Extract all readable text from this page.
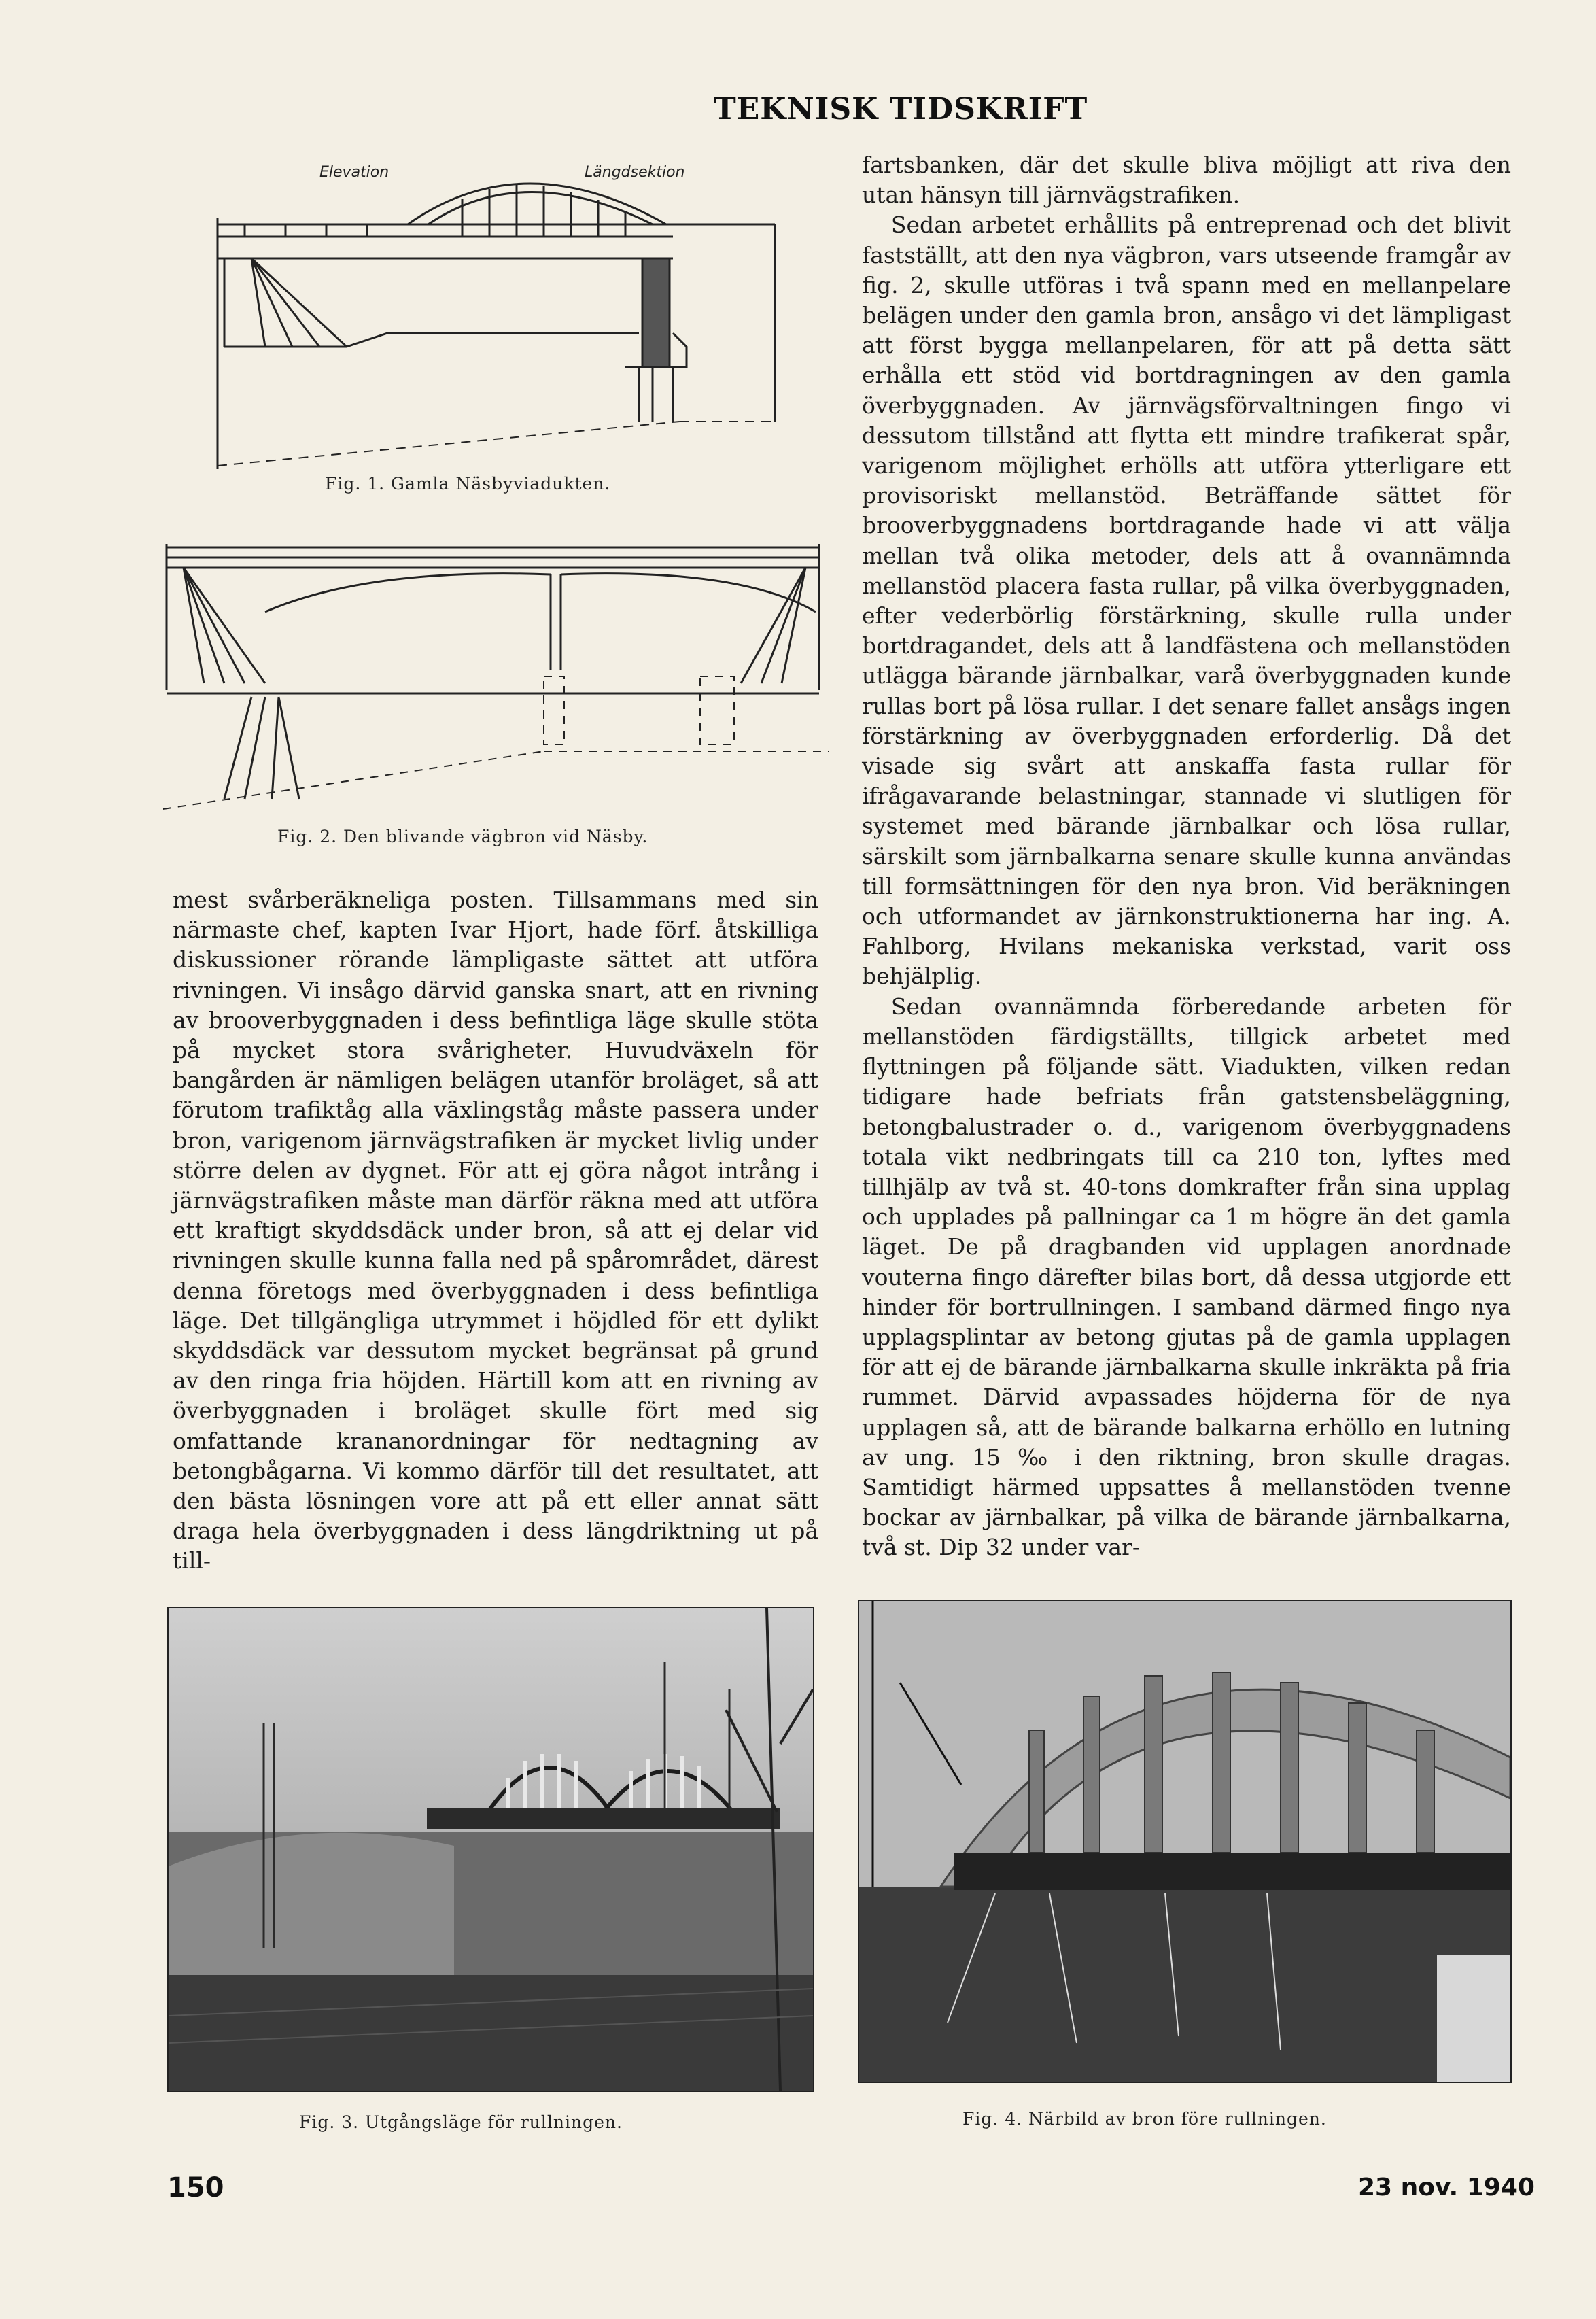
TEKNISK TIDSKRIFT
Elevation	Längdsektion
Fig. 1. Gamla Näsbyviadukten.
Fig. 2. Den blivande vägbron vid Näsby.

mest svårberäkneliga posten. Tillsammans med sin närmaste chef, kapten Ivar Hjort, hade förf. åtskilliga diskussioner rörande lämpligaste sättet att utföra rivningen. Vi insågo därvid ganska snart, att en rivning av brooverbyggnaden i dess befintliga läge skulle stöta på mycket stora svårigheter. Huvudväxeln för bangården är nämligen belägen utanför broläget, så att förutom trafiktåg alla växlingståg måste passera under bron, varigenom järnvägstrafiken är mycket livlig under större delen av dygnet. För att ej göra något intrång i järnvägstrafiken måste man därför räkna med att utföra ett kraftigt skyddsdäck under bron, så att ej delar vid rivningen skulle kunna falla ned på spårområdet, därest denna företogs med överbyggnaden i dess befintliga läge. Det tillgängliga utrymmet i höjdled för ett dylikt skyddsdäck var dessutom mycket begränsat på grund av den ringa fria höjden. Härtill kom att en rivning av överbyggnaden i broläget skulle fört med sig omfattande krananordningar för nedtagning av betongbågarna. Vi kommo därför till det resultatet, att den bästa lösningen vore att på ett eller annat sätt draga hela överbyggnaden i dess längdriktning ut på till-

fartsbanken, där det skulle bliva möjligt att riva den utan hänsyn till järnvägstrafiken.

Sedan arbetet erhållits på entreprenad och det blivit fastställt, att den nya vägbron, vars utseende framgår av fig. 2, skulle utföras i två spann med en mellanpelare belägen under den gamla bron, ansågo vi det lämpligast att först bygga mellanpelaren, för att på detta sätt erhålla ett stöd vid bortdragningen av den gamla överbyggnaden. Av järnvägsförvaltningen fingo vi dessutom tillstånd att flytta ett mindre trafikerat spår, varigenom möjlighet erhölls att utföra ytterligare ett provisoriskt mellanstöd. Beträffande sättet för brooverbyggnadens bortdragande hade vi att välja mellan två olika metoder, dels att å ovannämnda mellanstöd placera fasta rullar, på vilka överbyggnaden, efter vederbörlig förstärkning, skulle rulla under bortdragandet, dels att å landfästena och mellanstöden utlägga bärande järnbalkar, varå överbyggnaden kunde rullas bort på lösa rullar. I det senare fallet ansågs ingen förstärkning av överbyggnaden erforderlig. Då det visade sig svårt att anskaffa fasta rullar för ifrågavarande belastningar, stannade vi slutligen för systemet med bärande järnbalkar och lösa rullar, särskilt som järnbalkarna senare skulle kunna användas till formsättningen för den nya bron. Vid beräkningen och utformandet av järnkonstruktionerna har ing. A. Fahlborg, Hvilans mekaniska verkstad, varit oss behjälplig.

Sedan ovannämnda förberedande arbeten för mellanstöden färdigställts, tillgick arbetet med flyttningen på följande sätt. Viadukten, vilken redan tidigare hade befriats från gatstensbeläggning, betongbalustrader o. d., varigenom överbyggnadens totala vikt nedbringats till ca 210 ton, lyftes med tillhjälp av två st. 40-tons domkrafter från sina upplag och upplades på pallningar ca 1 m högre än det gamla läget. De på dragbanden vid upplagen anordnade vouterna fingo därefter bilas bort, då dessa utgjorde ett hinder för bortrullningen. I samband därmed fingo nya upplagsplintar av betong gjutas på de gamla upplagen för att ej de bärande järnbalkarna skulle inkräkta på fria rummet. Därvid avpassades höjderna för de nya upplagen så, att de bärande balkarna erhöllo en lutning av ung. 15 ‰ i den riktning, bron skulle dragas. Samtidigt härmed uppsattes å mellanstöden tvenne bockar av järnbalkar, på vilka de bärande järnbalkarna, två st. Dip 32 under var-

Fig. 3. Utgångsläge för rullningen.	Fig. 4. Närbild av bron före rullningen.
150	23 nov. 1940
